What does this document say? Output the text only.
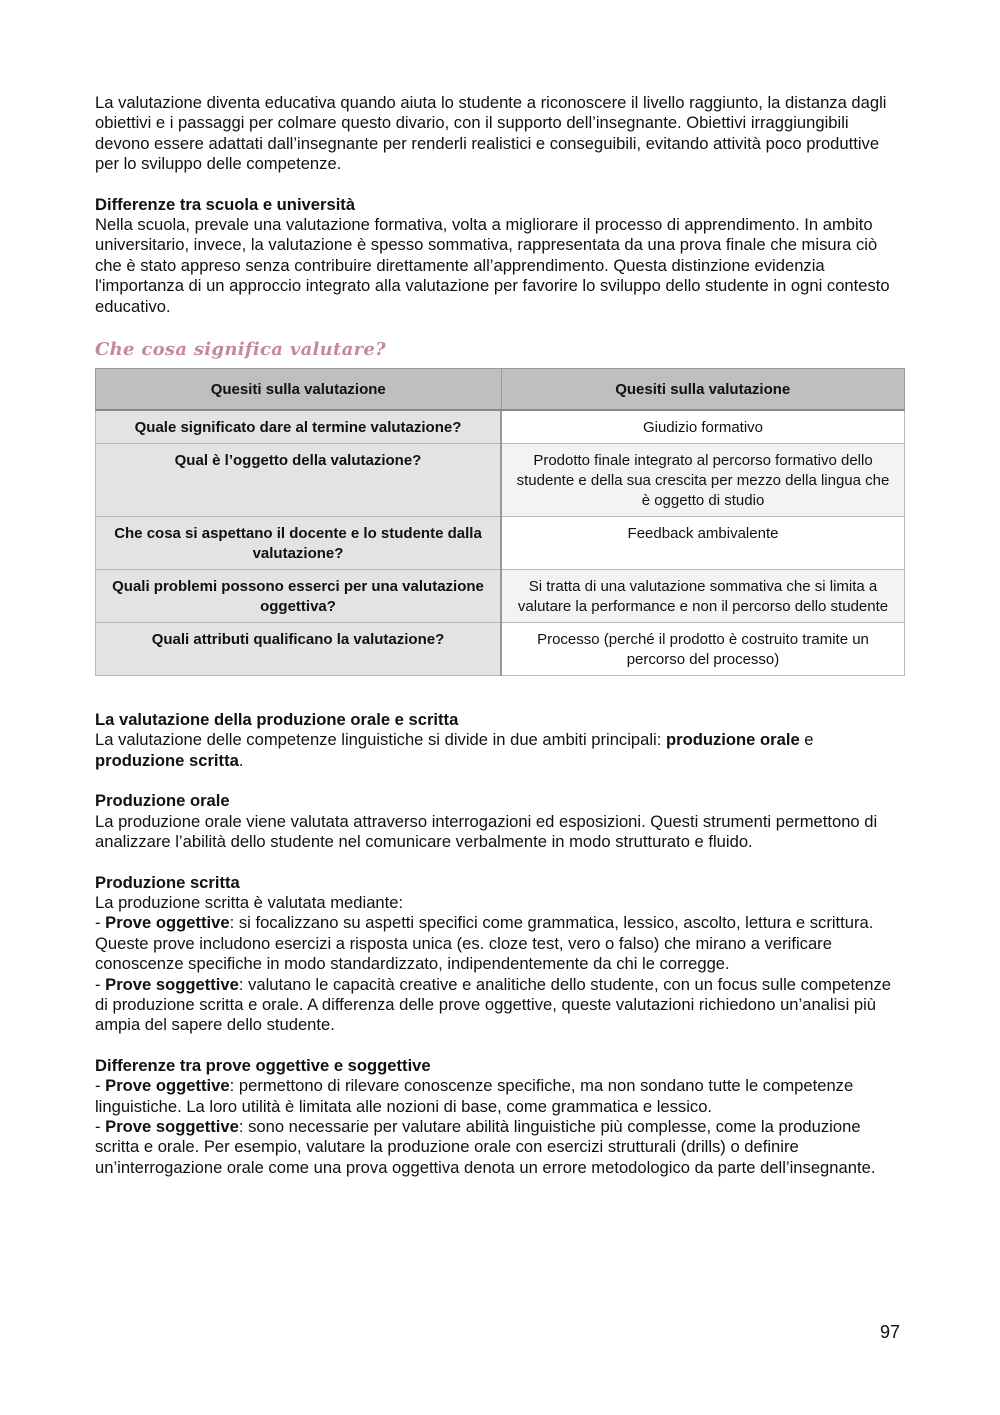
La valutazione diventa educativa quando aiuta lo studente a riconoscere il livello raggiunto, la distanza dagli obiettivi e i passaggi per colmare questo divario, con il supporto dell’insegnante. Obiettivi irraggiungibili devono essere adattati dall’insegnante per renderli realistici e conseguibili, evitando attività poco produttive per lo sviluppo delle competenze.

Differenze tra scuola e università

Nella scuola, prevale una valutazione formativa, volta a migliorare il processo di apprendimento. In ambito universitario, invece, la valutazione è spesso sommativa, rappresentata da una prova finale che misura ciò che è stato appreso senza contribuire direttamente all’apprendimento. Questa distinzione evidenzia l'importanza di un approccio integrato alla valutazione per favorire lo sviluppo dello studente in ogni contesto educativo.

Che cosa significa valutare?
Quesiti sulla valutazione	Quesiti sulla valutazione
Quale significato dare al termine valutazione?	Giudizio formativo
Qual è l’oggetto della valutazione?	Prodotto finale integrato al percorso formativo dello studente e della sua crescita per mezzo della lingua che è oggetto di studio
Che cosa si aspettano il docente e lo studente dalla valutazione?	Feedback ambivalente
Quali problemi possono esserci per una valutazione oggettiva?	Si tratta di una valutazione sommativa che si limita a valutare la performance e non il percorso dello studente
Quali attributi qualificano la valutazione?	Processo (perché il prodotto è costruito tramite un percorso del processo)

La valutazione della produzione orale e scritta

La valutazione delle competenze linguistiche si divide in due ambiti principali: produzione orale e produzione scritta.

Produzione orale

La produzione orale viene valutata attraverso interrogazioni ed esposizioni. Questi strumenti permettono di analizzare l’abilità dello studente nel comunicare verbalmente in modo strutturato e fluido.

Produzione scritta

La produzione scritta è valutata mediante:

- Prove oggettive: si focalizzano su aspetti specifici come grammatica, lessico, ascolto, lettura e scrittura. Queste prove includono esercizi a risposta unica (es. cloze test, vero o falso) che mirano a verificare conoscenze specifiche in modo standardizzato, indipendentemente da chi le corregge.

- Prove soggettive: valutano le capacità creative e analitiche dello studente, con un focus sulle competenze di produzione scritta e orale. A differenza delle prove oggettive, queste valutazioni richiedono un’analisi più ampia del sapere dello studente.

Differenze tra prove oggettive e soggettive

- Prove oggettive: permettono di rilevare conoscenze specifiche, ma non sondano tutte le competenze linguistiche. La loro utilità è limitata alle nozioni di base, come grammatica e lessico.

- Prove soggettive: sono necessarie per valutare abilità linguistiche più complesse, come la produzione scritta e orale. Per esempio, valutare la produzione orale con esercizi strutturali (drills) o definire un’interrogazione orale come una prova oggettiva denota un errore metodologico da parte dell’insegnante.

97
